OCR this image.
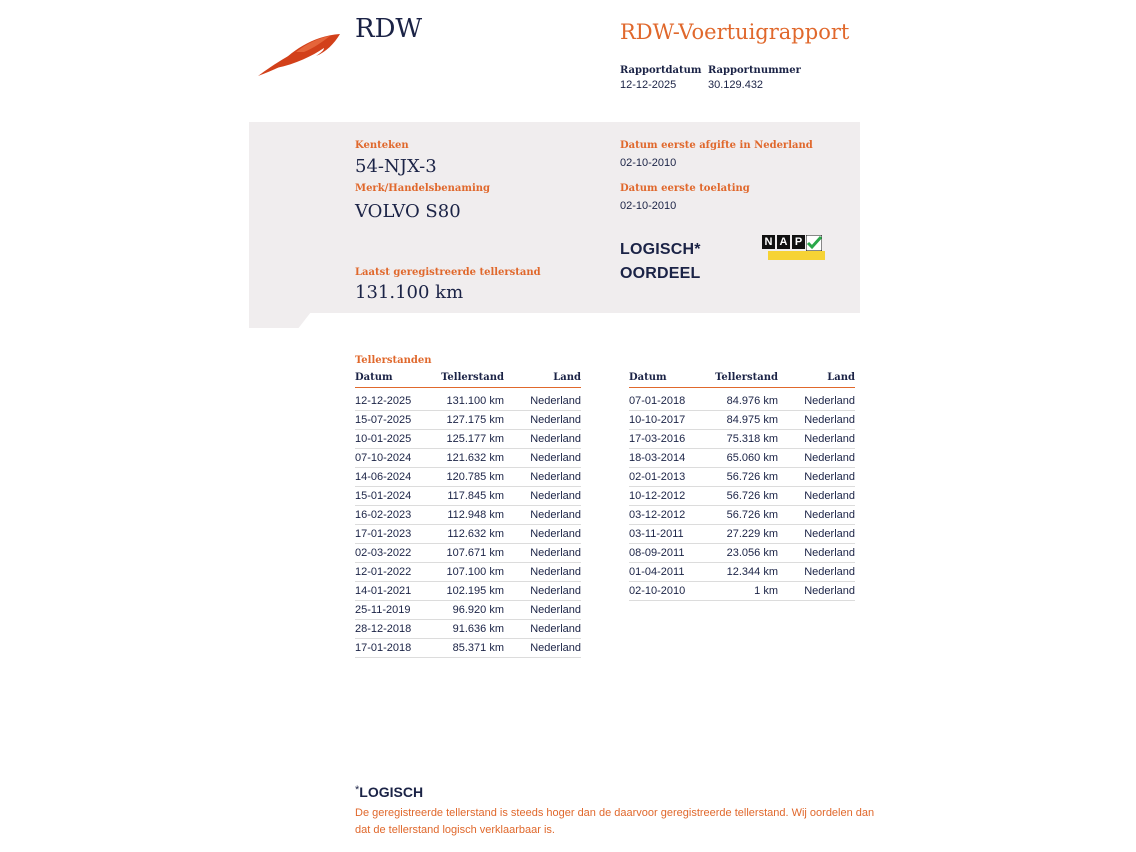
RDW	RDW-Voertuigrapport
Rapportdatum
12-12-2025
Rapportnummer
30.129.432
Kenteken
54-NJX-3
Merk/Handelsbenaming
VOLVO S80
Laatst geregistreerde tellerstand
131.100 km
Datum eerste afgifte in Nederland
02-10-2010
Datum eerste toelating
02-10-2010
LOGISCH*
OORDEEL
N A P
Tellerstanden
Datum	Tellerstand	Land
12-12-2025	131.100 km Nederland
15-07-2025	127.175 km Nederland
10-01-2025	125.177 km Nederland
07-10-2024	121.632 km Nederland
14-06-2024	120.785 km Nederland
15-01-2024	117.845 km Nederland
16-02-2023	112.948 km Nederland
17-01-2023	112.632 km Nederland
02-03-2022	107.671 km Nederland
12-01-2022	107.100 km Nederland
14-01-2021	102.195 km Nederland
25-11-2019	96.920 km Nederland
28-12-2018	91.636 km Nederland
17-01-2018	85.371 km Nederland
Datum	Tellerstand	Land
07-01-2018	84.976 km Nederland
10-10-2017	84.975 km Nederland
17-03-2016	75.318 km Nederland
18-03-2014	65.060 km Nederland
02-01-2013	56.726 km Nederland
10-12-2012	56.726 km Nederland
03-12-2012	56.726 km Nederland
03-11-2011	27.229 km Nederland
08-09-2011	23.056 km Nederland
01-04-2011	12.344 km Nederland
02-10-2010	1 km Nederland
*LOGISCH
De geregistreerde tellerstand is steeds hoger dan de daarvoor geregistreerde tellerstand. Wij oordelen dan dat de tellerstand logisch verklaarbaar is.
